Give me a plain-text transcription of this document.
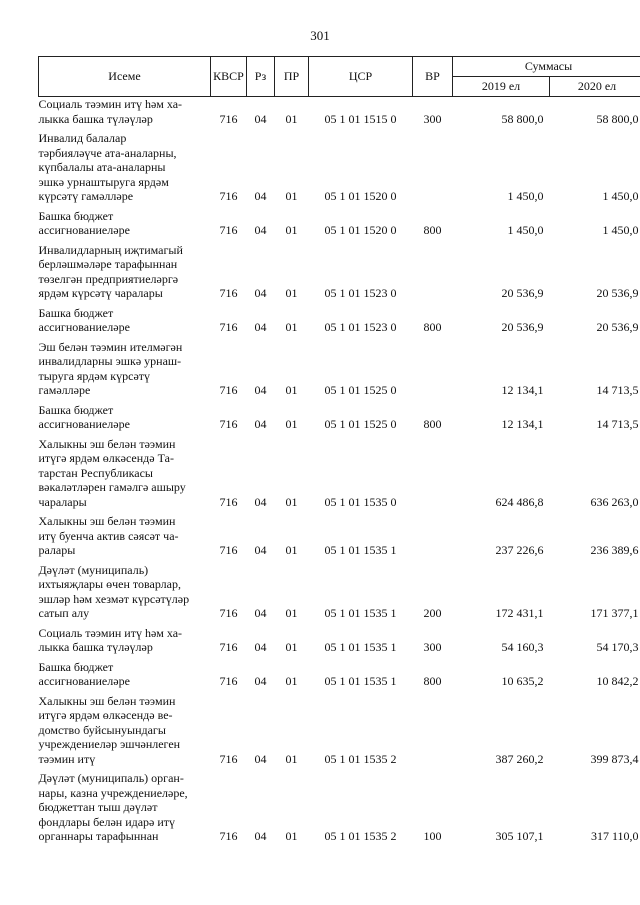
301
Исеме	КВСР	Рз	ПР	ЦСР	ВР	Суммасы	
						2019 ел	2020 ел

Социаль тәэмин итү һәм ха-
лыкка башка түләүләр	716	04	01	05 1 01 1515 0	300	58 800,0	58 800,0

Инвалид балалар
тәрбияләүче ата-аналарны,
күпбалалы ата-аналарны
эшкә урнаштыруга ярдәм
күрсәтү гамәлләре	716	04	01	05 1 01 1520 0		1 450,0	1 450,0

Башка бюджет
ассигнованиеләре	716	04	01	05 1 01 1520 0	800	1 450,0	1 450,0

Инвалидларның иҗтимагый
берләшмәләре тарафыннан
төзелгән предприятиеләргә
ярдәм күрсәтү чаралары	716	04	01	05 1 01 1523 0		20 536,9	20 536,9

Башка бюджет
ассигнованиеләре	716	04	01	05 1 01 1523 0	800	20 536,9	20 536,9

Эш белән тәэмин ителмәгән
инвалидларны эшкә урнаш-
тыруга ярдәм күрсәтү
гамәлләре	716	04	01	05 1 01 1525 0		12 134,1	14 713,5

Башка бюджет
ассигнованиеләре	716	04	01	05 1 01 1525 0	800	12 134,1	14 713,5

Халыкны эш белән тәэмин
итүгә ярдәм өлкәсендә Та-
тарстан Республикасы
вәкаләтләрен гамәлгә ашыру
чаралары	716	04	01	05 1 01 1535 0		624 486,8	636 263,0

Халыкны эш белән тәэмин
итү буенча актив сәясәт ча-
ралары	716	04	01	05 1 01 1535 1		237 226,6	236 389,6

Дәүләт (муниципаль)
ихтыяҗлары өчен товарлар,
эшләр һәм хезмәт күрсәтүләр
сатып алу	716	04	01	05 1 01 1535 1	200	172 431,1	171 377,1

Социаль тәэмин итү һәм ха-
лыкка башка түләүләр	716	04	01	05 1 01 1535 1	300	54 160,3	54 170,3

Башка бюджет
ассигнованиеләре	716	04	01	05 1 01 1535 1	800	10 635,2	10 842,2

Халыкны эш белән тәэмин
итүгә ярдәм өлкәсендә ве-
домство буйсынуындагы
учреждениеләр эшчәнлеген
тәэмин итү	716	04	01	05 1 01 1535 2		387 260,2	399 873,4

Дәүләт (муниципаль) орган-
нары, казна учреждениеләре,
бюджеттан тыш дәүләт
фондлары белән идарә итү
органнары тарафыннан	716	04	01	05 1 01 1535 2	100	305 107,1	317 110,0
